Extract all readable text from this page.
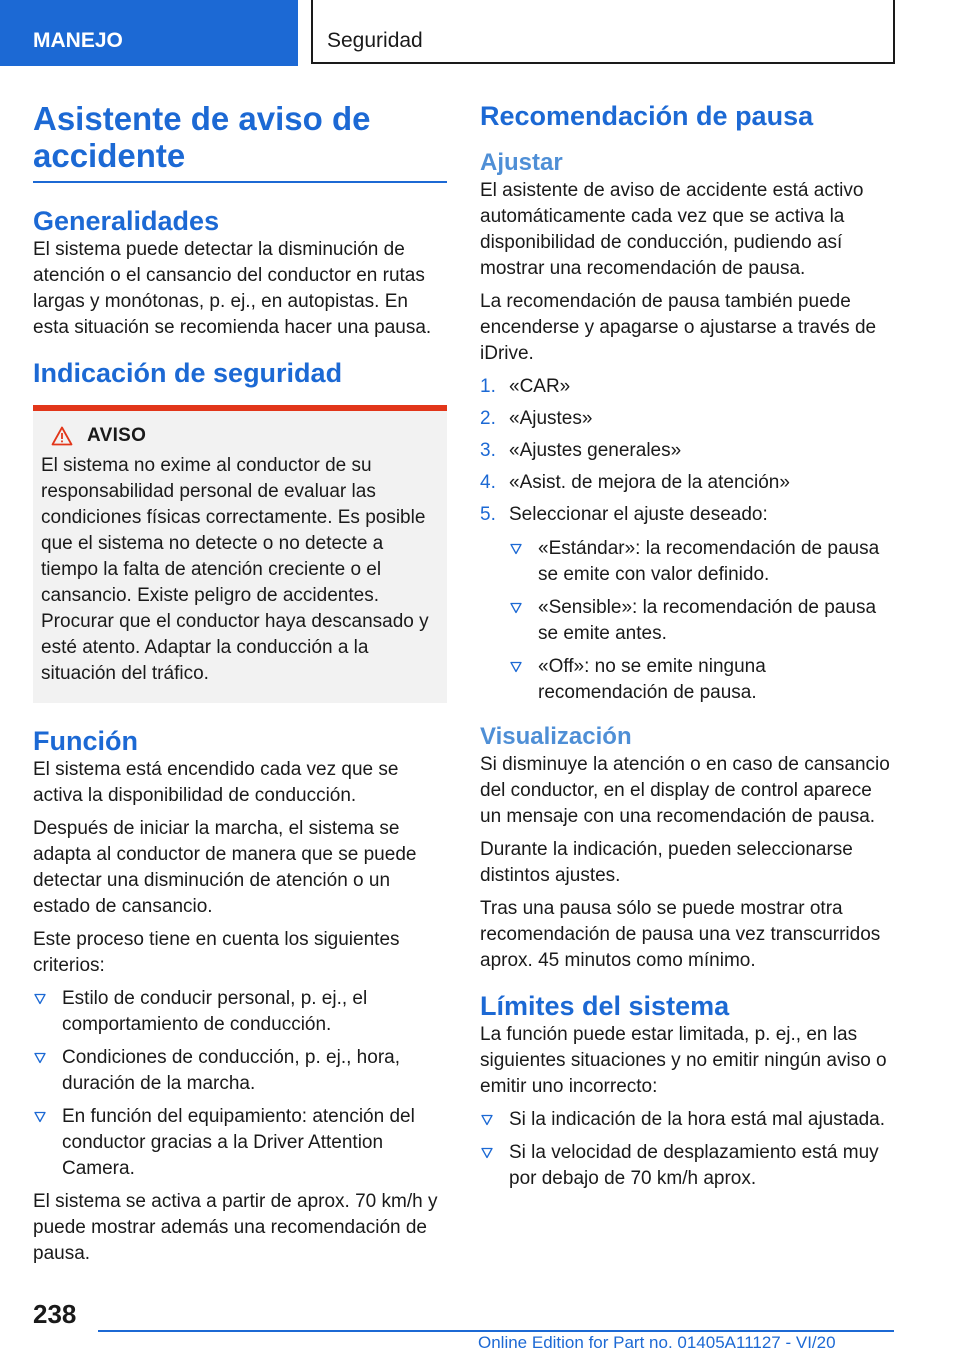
MANEJO	Seguridad
Asistente de aviso de accidente
Generalidades

El sistema puede detectar la disminución de atención o el cansancio del conductor en rutas largas y monótonas, p. ej., en autopistas. En esta situación se recomienda hacer una pausa.

Indicación de seguridad
AVISO

El sistema no exime al conductor de su responsabilidad personal de evaluar las condiciones físicas correctamente. Es posible que el sistema no detecte o no detecte a tiempo la falta de atención creciente o el cansancio. Existe peligro de accidentes. Procurar que el conductor haya descansado y esté atento. Adaptar la conducción a la situación del tráfico.

Función

El sistema está encendido cada vez que se activa la disponibilidad de conducción.

Después de iniciar la marcha, el sistema se adapta al conductor de manera que se puede detectar una disminución de atención o un estado de cansancio.

Este proceso tiene en cuenta los siguientes criterios:

Estilo de conducir personal, p. ej., el comportamiento de conducción.
Condiciones de conducción, p. ej., hora, duración de la marcha.
En función del equipamiento: atención del conductor gracias a la Driver Attention Camera.

El sistema se activa a partir de aprox. 70 km/h y puede mostrar además una recomendación de pausa.

Recomendación de pausa
Ajustar

El asistente de aviso de accidente está activo automáticamente cada vez que se activa la disponibilidad de conducción, pudiendo así mostrar una recomendación de pausa.

La recomendación de pausa también puede encenderse y apagarse o ajustarse a través de iDrive.

1. «CAR»
2. «Ajustes»
3. «Ajustes generales»
4. «Asist. de mejora de la atención»
5. Seleccionar el ajuste deseado:
«Estándar»: la recomendación de pausa se emite con valor definido.
«Sensible»: la recomendación de pausa se emite antes.
«Off»: no se emite ninguna recomendación de pausa.
Visualización

Si disminuye la atención o en caso de cansancio del conductor, en el display de control aparece un mensaje con una recomendación de pausa.

Durante la indicación, pueden seleccionarse distintos ajustes.

Tras una pausa sólo se puede mostrar otra recomendación de pausa una vez transcurridos aprox. 45 minutos como mínimo.

Límites del sistema

La función puede estar limitada, p. ej., en las siguientes situaciones y no emitir ningún aviso o emitir uno incorrecto:

Si la indicación de la hora está mal ajustada.
Si la velocidad de desplazamiento está muy por debajo de 70 km/h aprox.
238
Online Edition for Part no. 01405A11127 - VI/20
